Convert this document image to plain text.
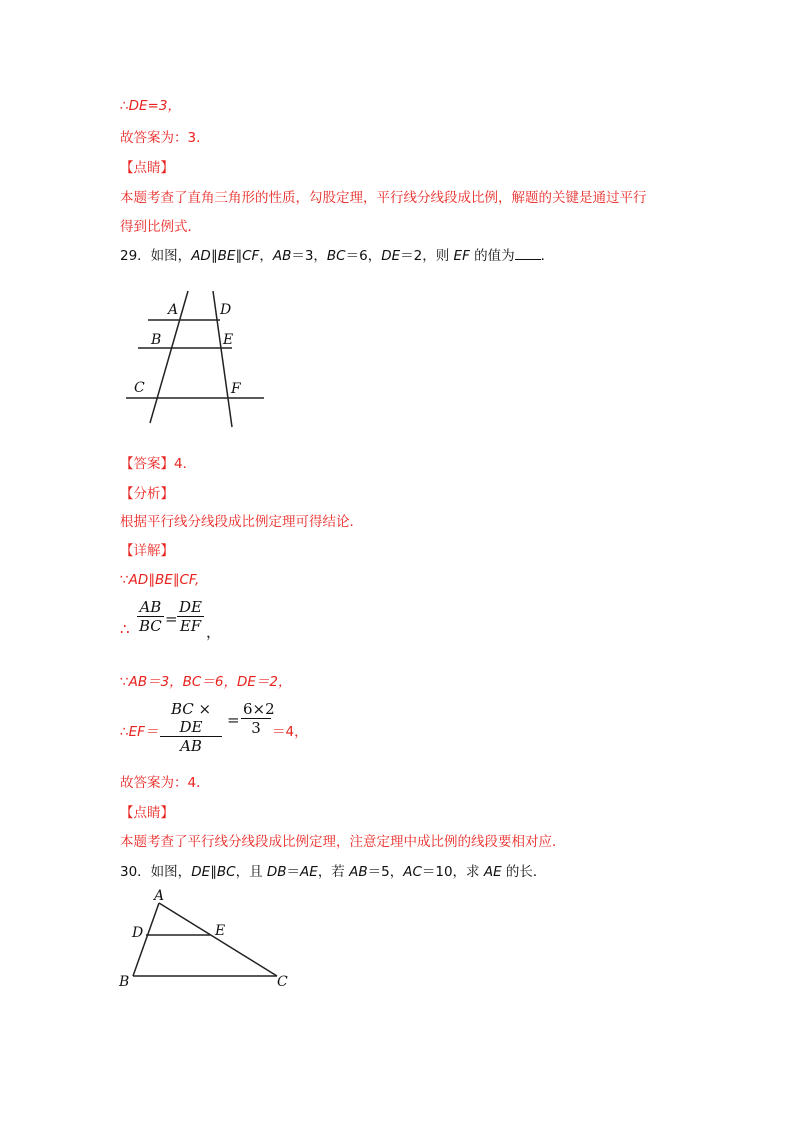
∴DE=3，
故答案为：3．
【点睛】
本题考查了直角三角形的性质，勾股定理，平行线分线段成比例，解题的关键是通过平行
得到比例式．
29．如图，AD∥BE∥CF，AB＝3，BC＝6，DE＝2，则 EF 的值为 ．
A	D
B	E
C	F
【答案】4．
【分析】
根据平行线分线段成比例定理可得结论．
【详解】
∵AD∥BE∥CF,
AB
BC =
DE
EF
∴	，
∵AB＝3，BC＝6，DE＝2，
∴EF＝
BC × DE
AB
=
6×2
3 ＝4，
故答案为：4．
【点睛】
本题考查了平行线分线段成比例定理，注意定理中成比例的线段要相对应．
30．如图，DE∥BC，且 DB＝AE，若 AB＝5，AC＝10，求 AE 的长．
A
D	E
B	C
